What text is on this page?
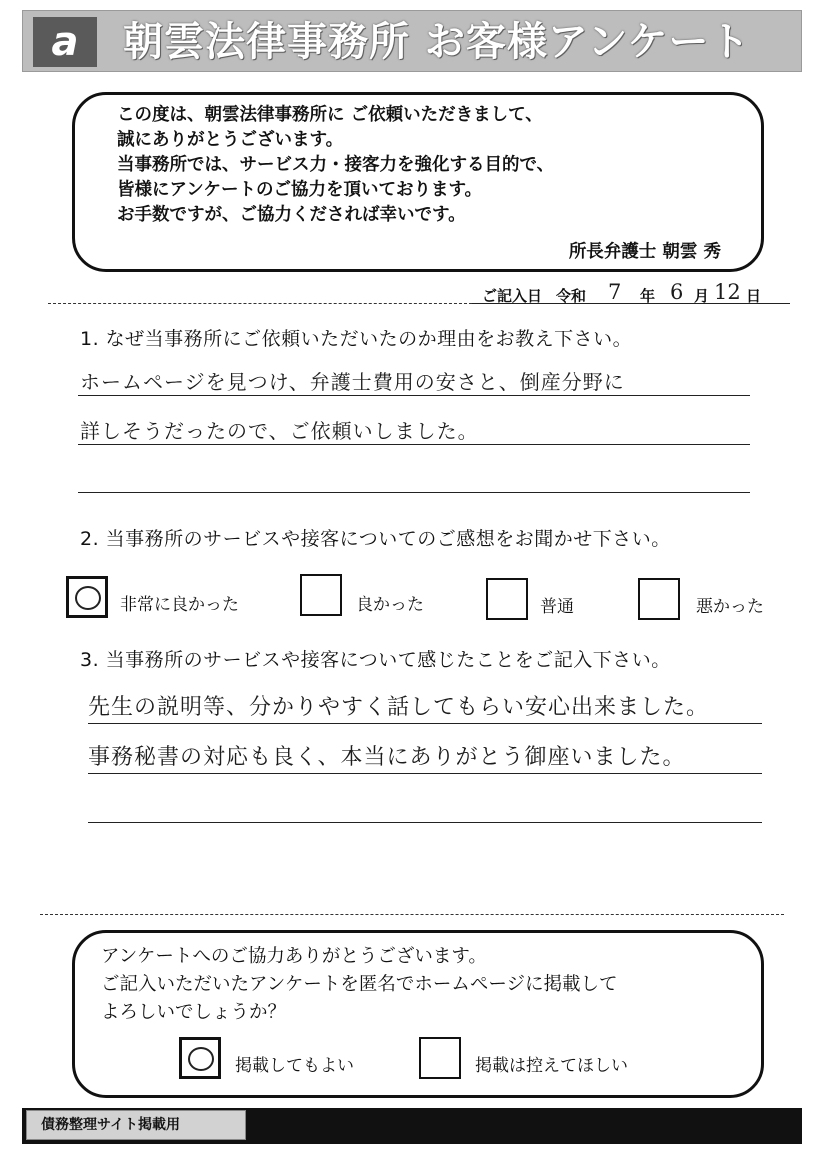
a	朝雲法律事務所 お客様アンケート
この度は、朝雲法律事務所に ご依頼いただきまして、
誠にありがとうございます。
当事務所では、サービス力・接客力を強化する目的で、
皆様にアンケートのご協力を頂いております。
お手数ですが、ご協力くだされば幸いです。
所長弁護士 朝雲 秀
ご記入日 令和 7 年 6 月 12 日
1. なぜ当事務所にご依頼いただいたのか理由をお教え下さい。
ホームページを見つけ、弁護士費用の安さと、倒産分野に
詳しそうだったので、ご依頼いしました。
2. 当事務所のサービスや接客についてのご感想をお聞かせ下さい。
非常に良かった	良かった	普通	悪かった
3. 当事務所のサービスや接客について感じたことをご記入下さい。
先生の説明等、分かりやすく話してもらい安心出来ました。
事務秘書の対応も良く、本当にありがとう御座いました。
アンケートへのご協力ありがとうございます。
ご記入いただいたアンケートを匿名でホームページに掲載して
よろしいでしょうか？
掲載してもよい	掲載は控えてほしい
債務整理サイト掲載用
